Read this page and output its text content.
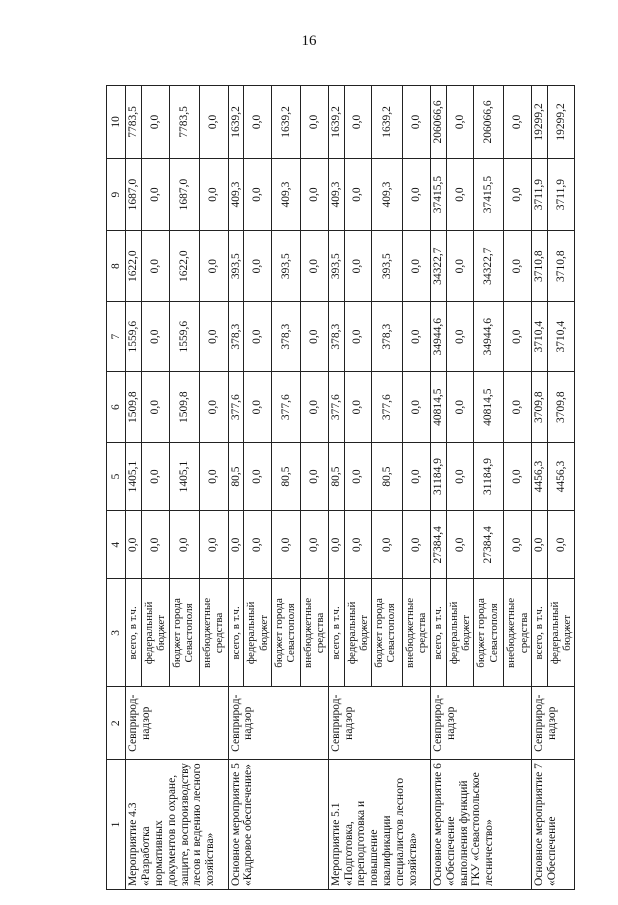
16
1	2	3	4	5	6	7	8	9	10
Мероприятие 4.3 «Разработка нормативных документов по охране, защите, воспроизводству лесов и ведению лесного хозяйства»	Севприрод-надзор	всего, в т.ч.	0,0	1405,1	1509,8	1559,6	1622,0	1687,0	7783,5
		федеральный бюджет	0,0	0,0	0,0	0,0	0,0	0,0	0,0
		бюджет города Севастополя	0,0	1405,1	1509,8	1559,6	1622,0	1687,0	7783,5
		внебюджетные средства	0,0	0,0	0,0	0,0	0,0	0,0	0,0
Основное мероприятие 5 «Кадровое обеспечение»	Севприрод-надзор	всего, в т.ч.	0,0	80,5	377,6	378,3	393,5	409,3	1639,2
		федеральный бюджет	0,0	0,0	0,0	0,0	0,0	0,0	0,0
		бюджет города Севастополя	0,0	80,5	377,6	378,3	393,5	409,3	1639,2
		внебюджетные средства	0,0	0,0	0,0	0,0	0,0	0,0	0,0
Мероприятие 5.1 «Подготовка, переподготовка и повышение квалификации специалистов лесного хозяйства»	Севприрод-надзор	всего, в т.ч.	0,0	80,5	377,6	378,3	393,5	409,3	1639,2
		федеральный бюджет	0,0	0,0	0,0	0,0	0,0	0,0	0,0
		бюджет города Севастополя	0,0	80,5	377,6	378,3	393,5	409,3	1639,2
		внебюджетные средства	0,0	0,0	0,0	0,0	0,0	0,0	0,0
Основное мероприятие 6 «Обеспечение выполнения функций ГКУ «Севастопольское лесничество»	Севприрод-надзор	всего, в т.ч.	27384,4	31184,9	40814,5	34944,6	34322,7	37415,5	206066,6
		федеральный бюджет	0,0	0,0	0,0	0,0	0,0	0,0	0,0
		бюджет города Севастополя	27384,4	31184,9	40814,5	34944,6	34322,7	37415,5	206066,6
		внебюджетные средства	0,0	0,0	0,0	0,0	0,0	0,0	0,0
Основное мероприятие 7 «Обеспечение	Севприрод-надзор	всего, в т.ч.	0,0	4456,3	3709,8	3710,4	3710,8	3711,9	19299,2
		федеральный бюджет	0,0	4456,3	3709,8	3710,4	3710,8	3711,9	19299,2
